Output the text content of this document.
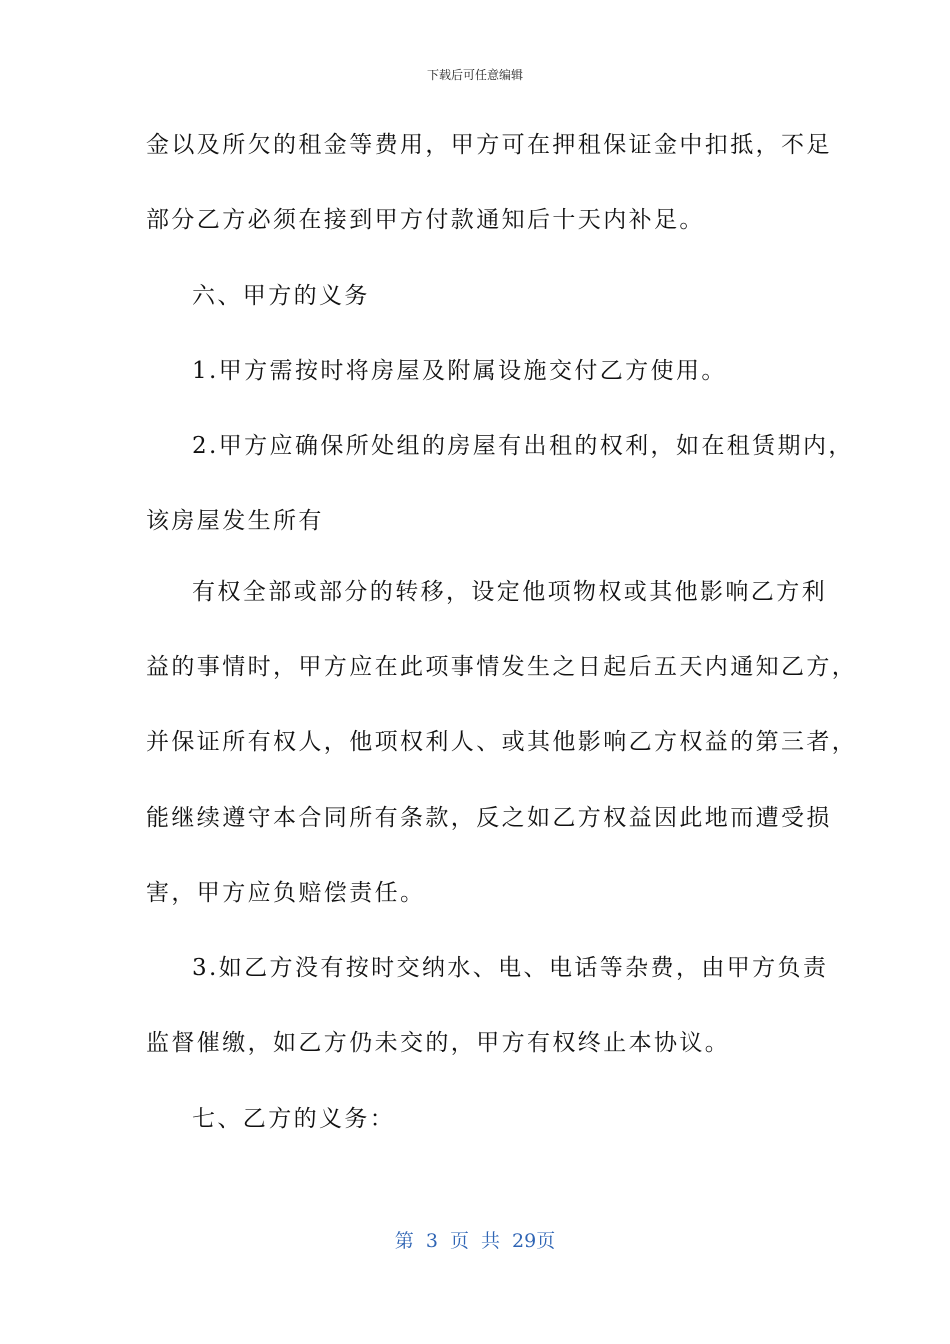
下载后可任意编辑
金以及所欠的租金等费用，甲方可在押租保证金中扣抵，不足
部分乙方必须在接到甲方付款通知后十天内补足。
六、甲方的义务
1.甲方需按时将房屋及附属设施交付乙方使用。
2.甲方应确保所处组的房屋有出租的权利，如在租赁期内，
该房屋发生所有
有权全部或部分的转移，设定他项物权或其他影响乙方利
益的事情时，甲方应在此项事情发生之日起后五天内通知乙方，
并保证所有权人，他项权利人、或其他影响乙方权益的第三者，
能继续遵守本合同所有条款，反之如乙方权益因此地而遭受损
害，甲方应负赔偿责任。
3.如乙方没有按时交纳水、电、电话等杂费，由甲方负责
监督催缴，如乙方仍未交的，甲方有权终止本协议。
七、乙方的义务：
第 3 页 共 29页
